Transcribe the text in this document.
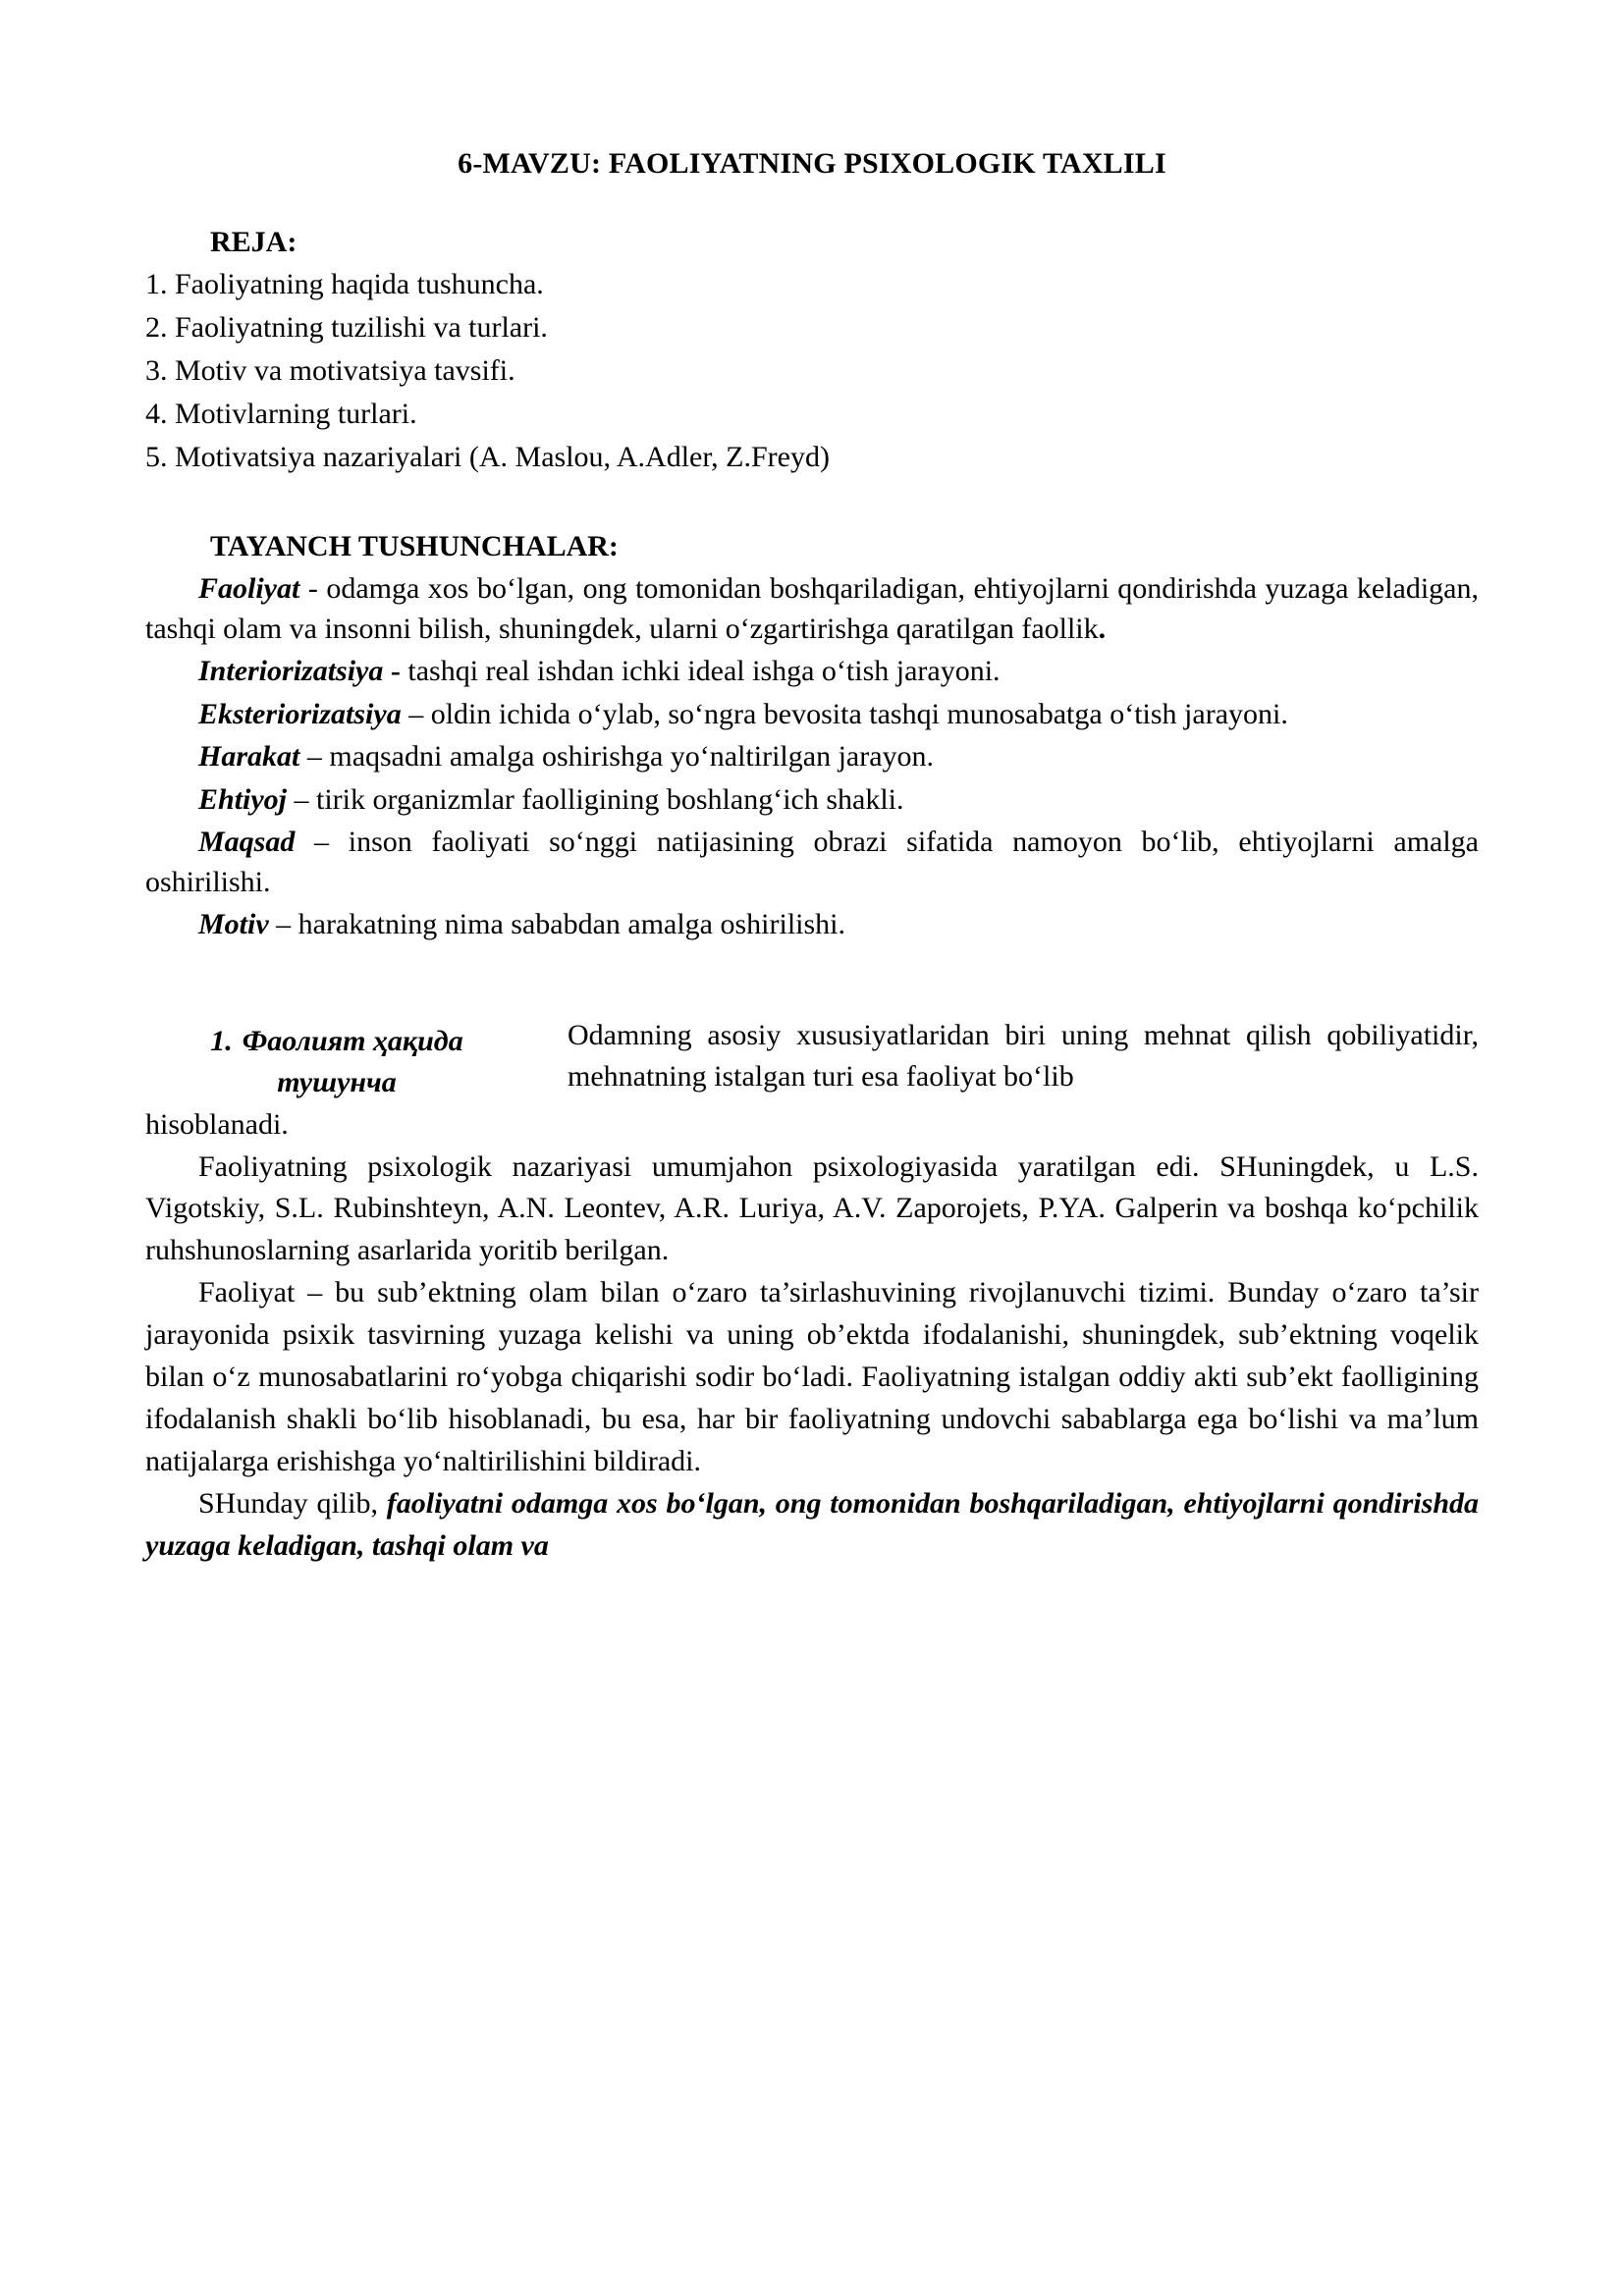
6-MAVZU: FAOLIYATNING PSIXOLOGIK TAXLILI
REJA:
1. Faoliyatning haqida tushuncha.
2. Faoliyatning tuzilishi va turlari.
3. Motiv va motivatsiya tavsifi.
4. Motivlarning turlari.
5. Motivatsiya nazariyalari (A. Maslou, A.Adler, Z.Freyd)
TAYANCH TUSHUNCHALAR:

Faoliyat - odamga xos bo‘lgan, ong tomonidan boshqariladigan, ehtiyojlarni qondirishda yuzaga keladigan, tashqi olam va insonni bilish, shuningdek, ularni o‘zgartirishga qaratilgan faollik.

Interiorizatsiya - tashqi real ishdan ichki ideal ishga o‘tish jarayoni.

Eksteriorizatsiya – oldin ichida o‘ylab, so‘ngra bevosita tashqi munosabatga o‘tish jarayoni.

Harakat – maqsadni amalga oshirishga yo‘naltirilgan jarayon.

Ehtiyoj – tirik organizmlar faolligining boshlang‘ich shakli.

Maqsad – inson faoliyati so‘nggi natijasining obrazi sifatida namoyon bo‘lib, ehtiyojlarni amalga oshirilishi.

Motiv – harakatning nima sababdan amalga oshirilishi.

1. Фаолият ҳақида
тушунча

Odamning asosiy xususiyatlaridan biri uning mehnat qilish qobiliyatidir, mehnatning istalgan turi esa faoliyat bo‘lib

hisoblanadi.

Faoliyatning psixologik nazariyasi umumjahon psixologiyasida yaratilgan edi. SHuningdek, u L.S. Vigotskiy, S.L. Rubinshteyn, A.N. Leontev, A.R. Luriya, A.V. Zaporojets, P.YA. Galperin va boshqa ko‘pchilik ruhshunoslarning asarlarida yoritib berilgan.

Faoliyat – bu sub’ektning olam bilan o‘zaro ta’sirlashuvining rivojlanuvchi tizimi. Bunday o‘zaro ta’sir jarayonida psixik tasvirning yuzaga kelishi va uning ob’ektda ifodalanishi, shuningdek, sub’ektning voqelik bilan o‘z munosabatlarini ro‘yobga chiqarishi sodir bo‘ladi. Faoliyatning istalgan oddiy akti sub’ekt faolligining ifodalanish shakli bo‘lib hisoblanadi, bu esa, har bir faoliyatning undovchi sabablarga ega bo‘lishi va ma’lum natijalarga erishishga yo‘naltirilishini bildiradi.

SHunday qilib, faoliyatni odamga xos bo‘lgan, ong tomonidan boshqariladigan, ehtiyojlarni qondirishda yuzaga keladigan, tashqi olam va
